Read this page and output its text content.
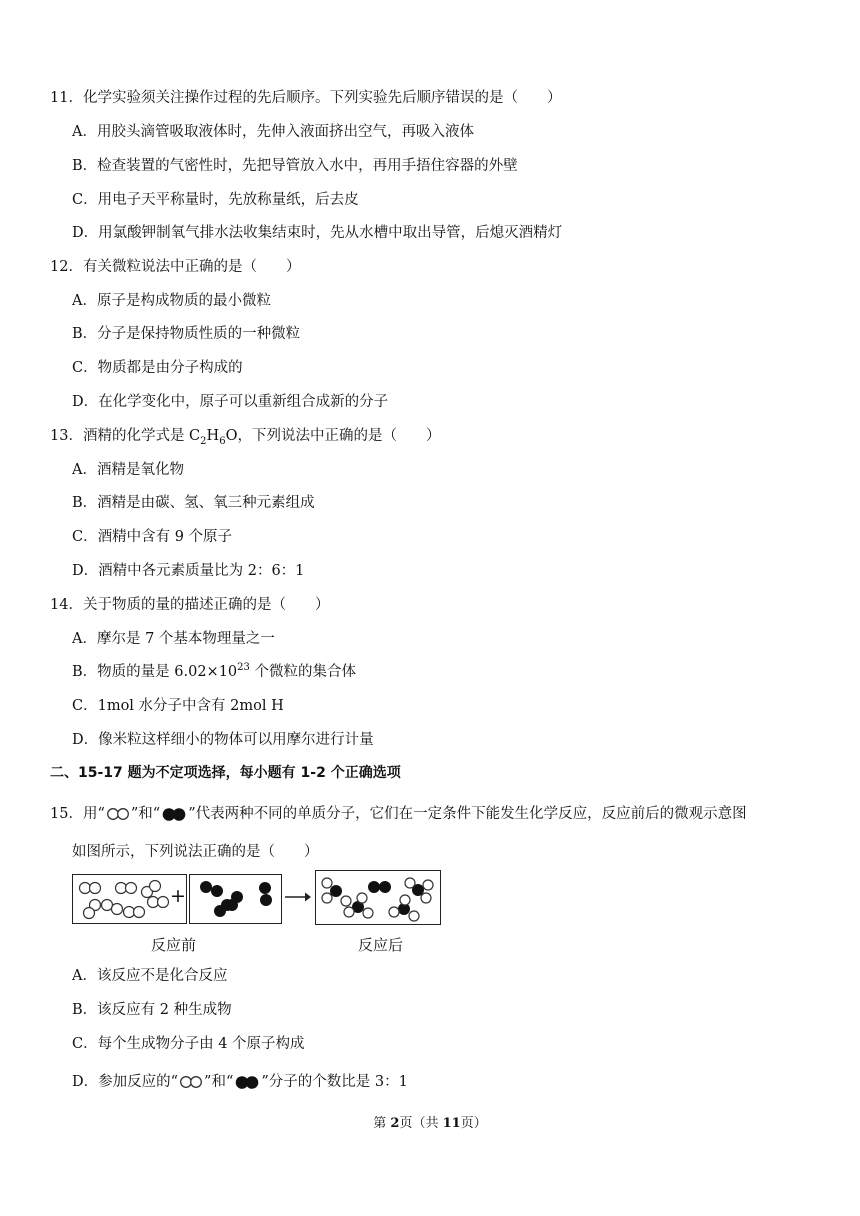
11．化学实验须关注操作过程的先后顺序。下列实验先后顺序错误的是（　　）
A．用胶头滴管吸取液体时，先伸入液面挤出空气，再吸入液体
B．检查装置的气密性时，先把导管放入水中，再用手捂住容器的外壁
C．用电子天平称量时，先放称量纸，后去皮
D．用氯酸钾制氧气排水法收集结束时，先从水槽中取出导管，后熄灭酒精灯
12．有关微粒说法中正确的是（　　）
A．原子是构成物质的最小微粒
B．分子是保持物质性质的一种微粒
C．物质都是由分子构成的
D．在化学变化中，原子可以重新组合成新的分子
13．酒精的化学式是 $C_2H_6O$，下列说法中正确的是（　　）
A．酒精是氧化物
B．酒精是由碳、氢、氧三种元素组成
C．酒精中含有 9 个原子
D．酒精中各元素质量比为 2：6：1
14．关于物质的量的描述正确的是（　　）
A．摩尔是 7 个基本物理量之一
B．物质的量是 $6.02\times 10^{23}$ 个微粒的集合体
C．1mol 水分子中含有 2mol H
D．像米粒这样细小的物体可以用摩尔进行计量
二、15-17 题为不定项选择，每小题有 1-2 个正确选项
15．用“ ”和“ ”代表两种不同的单质分子，它们在一定条件下能发生化学反应，反应前后的微观示意图
如图所示，下列说法正确的是（　　）
+
反应前	反应后
A．该反应不是化合反应
B．该反应有 2 种生成物
C．每个生成物分子由 4 个原子构成
D．参加反应的“ ”和“ ”分子的个数比是 3：1
第 2页（共 11页）
